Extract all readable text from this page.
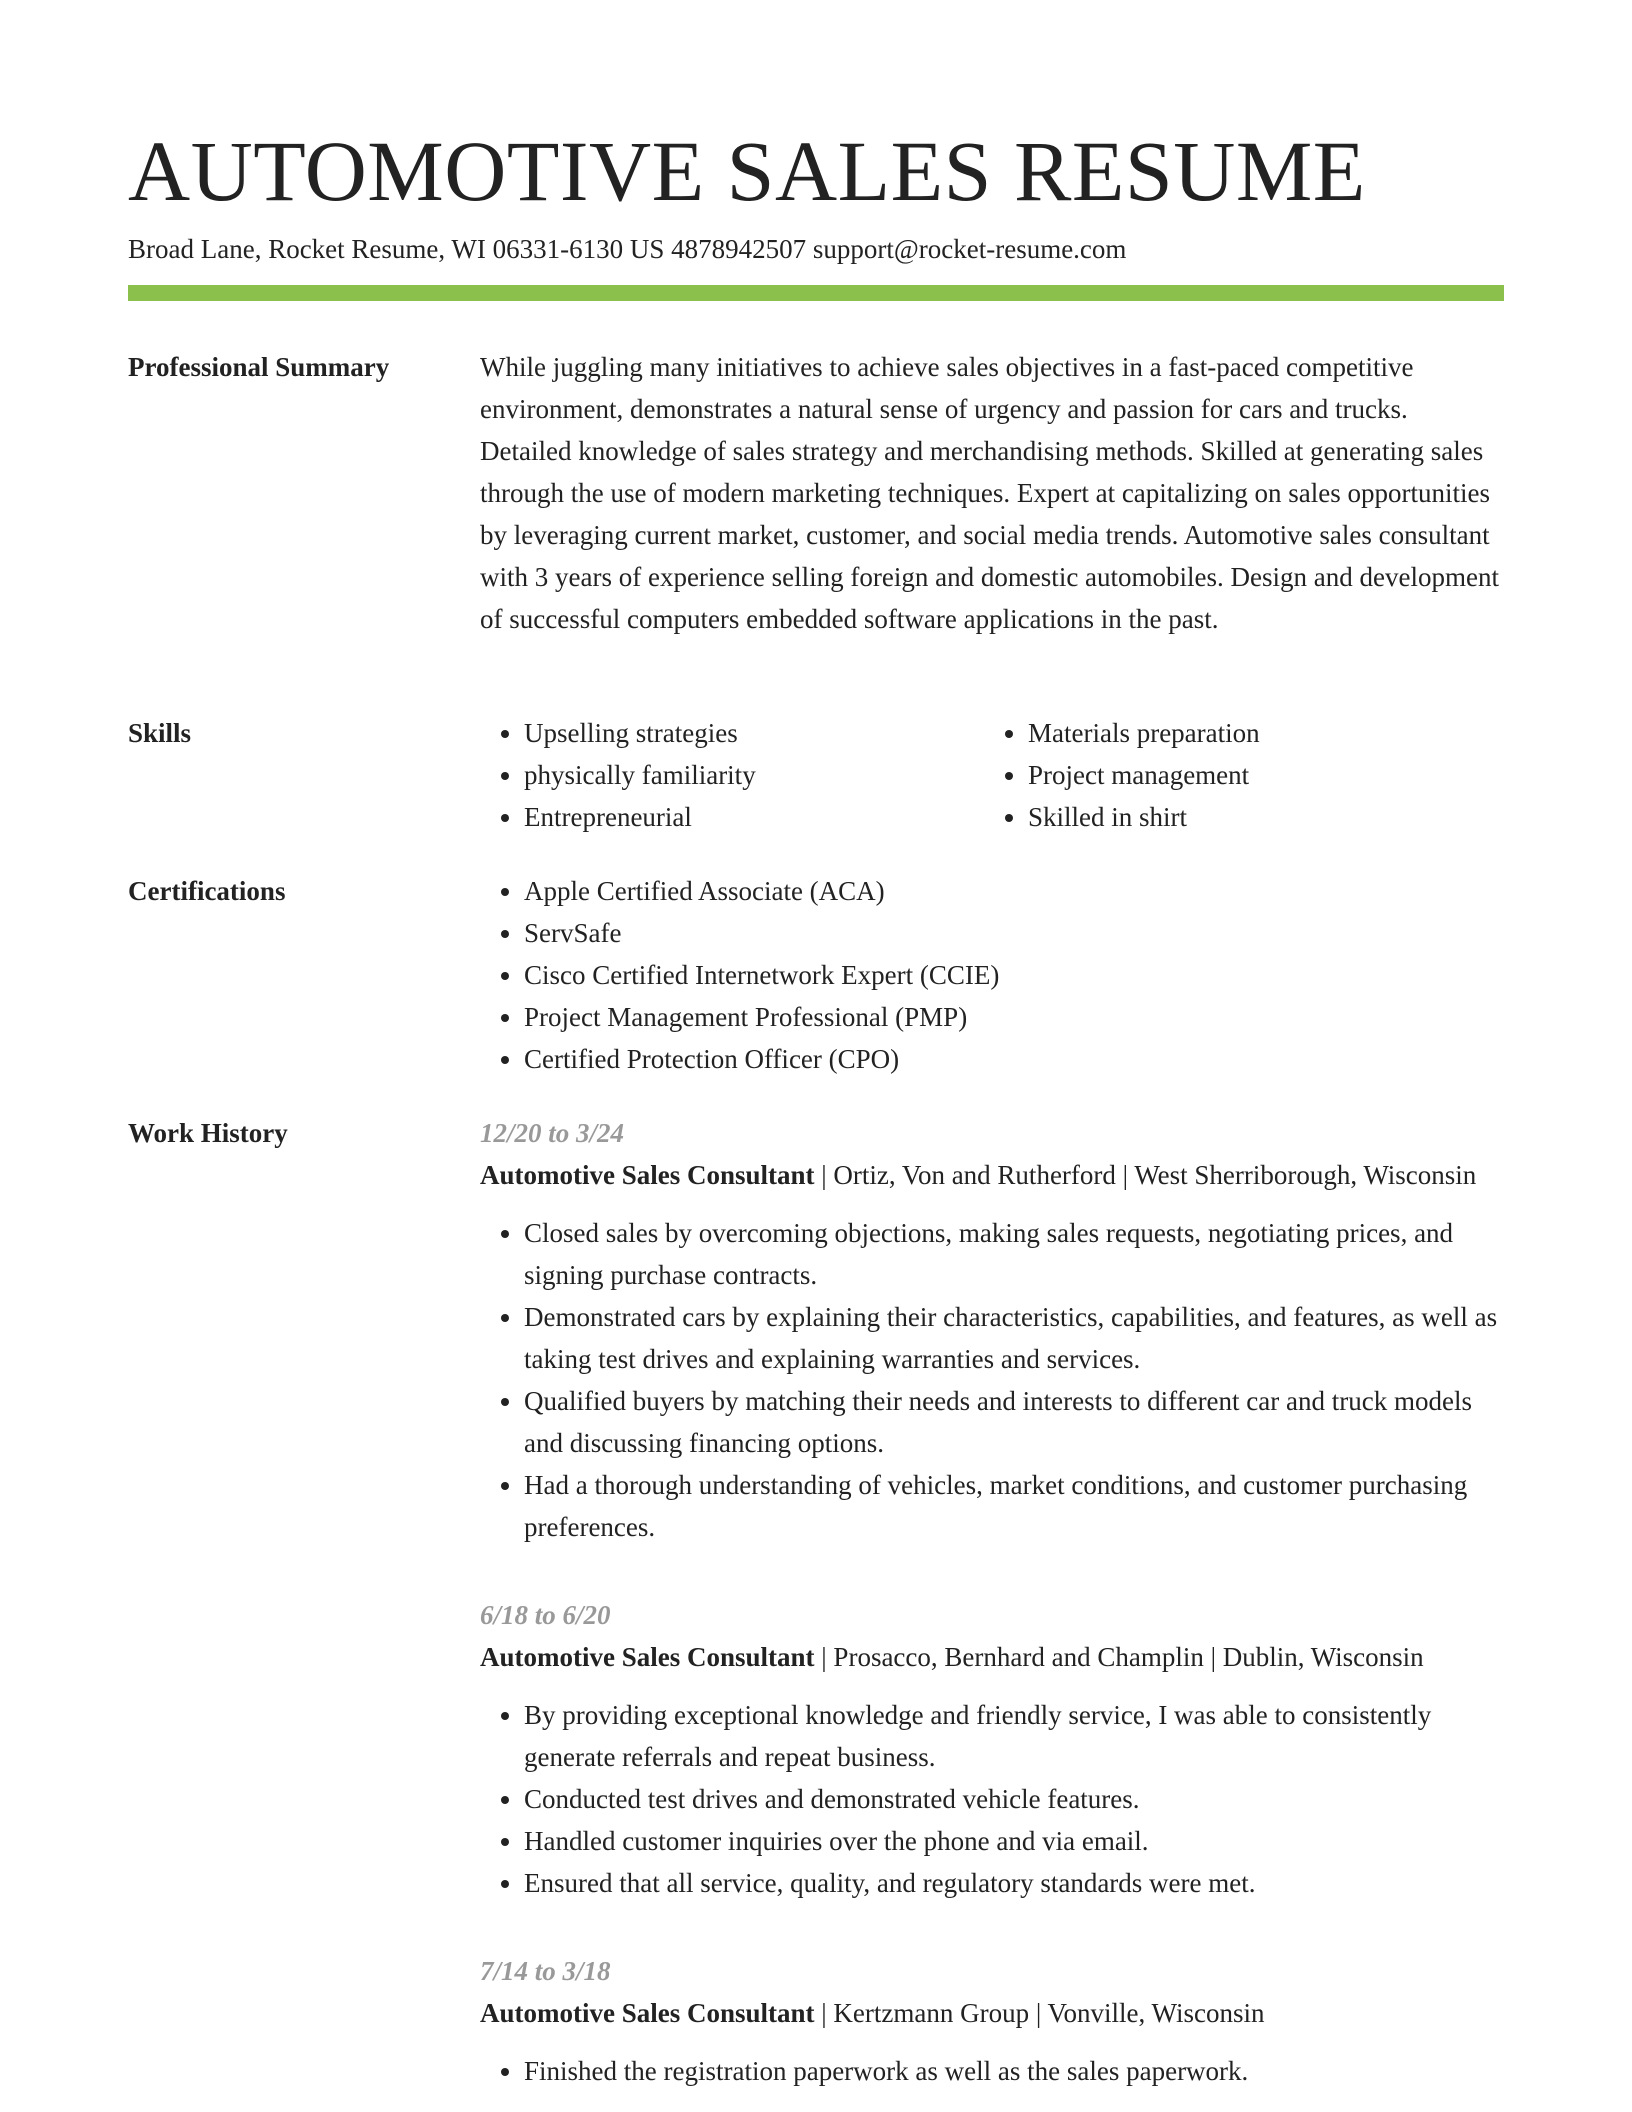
AUTOMOTIVE SALES RESUME
Broad Lane, Rocket Resume, WI 06331-6130 US 4878942507 support@rocket-resume.com
Professional Summary	While juggling many initiatives to achieve sales objectives in a fast-paced competitive environment, demonstrates a natural sense of urgency and passion for cars and trucks. Detailed knowledge of sales strategy and merchandising methods. Skilled at generating sales through the use of modern marketing techniques. Expert at capitalizing on sales opportunities by leveraging current market, customer, and social media trends. Automotive sales consultant with 3 years of experience selling foreign and domestic automobiles. Design and development of successful computers embedded software applications in the past.

Skills	• Upselling strategies
• physically familiarity
• Entrepreneurial
• Materials preparation
• Project management
• Skilled in shirt
Certifications	• Apple Certified Associate (ACA)
• ServSafe
• Cisco Certified Internetwork Expert (CCIE)
• Project Management Professional (PMP)
• Certified Protection Officer (CPO)
Work History	12/20 to 3/24
Automotive Sales Consultant | Ortiz, Von and Rutherford | West Sherriborough, Wisconsin
• Closed sales by overcoming objections, making sales requests, negotiating prices, and signing purchase contracts.
• Demonstrated cars by explaining their characteristics, capabilities, and features, as well as taking test drives and explaining warranties and services.
• Qualified buyers by matching their needs and interests to different car and truck models and discussing financing options.
• Had a thorough understanding of vehicles, market conditions, and customer purchasing preferences.
6/18 to 6/20
Automotive Sales Consultant | Prosacco, Bernhard and Champlin | Dublin, Wisconsin
• By providing exceptional knowledge and friendly service, I was able to consistently generate referrals and repeat business.
• Conducted test drives and demonstrated vehicle features.
• Handled customer inquiries over the phone and via email.
• Ensured that all service, quality, and regulatory standards were met.
7/14 to 3/18
Automotive Sales Consultant | Kertzmann Group | Vonville, Wisconsin
• Finished the registration paperwork as well as the sales paperwork.
